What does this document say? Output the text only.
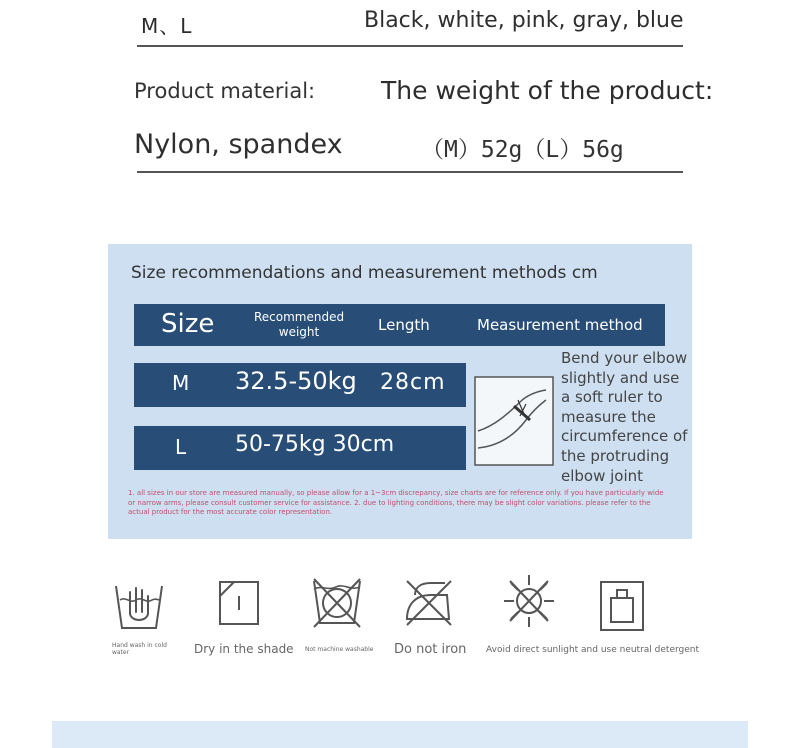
M、L	Black, white, pink, gray, blue
Product material:	The weight of the product:
Nylon, spandex	（M）52g（L）56g
Size recommendations and measurement methods cm
Size	Recommended weight	Length	Measurement method
M 32.5-50kg 28cm
L 50-75kg 30cm
Bend your elbow slightly and use a soft ruler to measure the circumference of the protruding elbow joint
1. all sizes in our store are measured manually, so please allow for a 1~3cm discrepancy, size charts are for reference only. if you have particularly wide or narrow arms, please consult customer service for assistance. 2. due to lighting conditions, there may be slight color variations. please refer to the actual product for the most accurate color representation.
Hand wash in cold water	Dry in the shade Not machine washable Do not iron Avoid direct sunlight and use neutral detergent
